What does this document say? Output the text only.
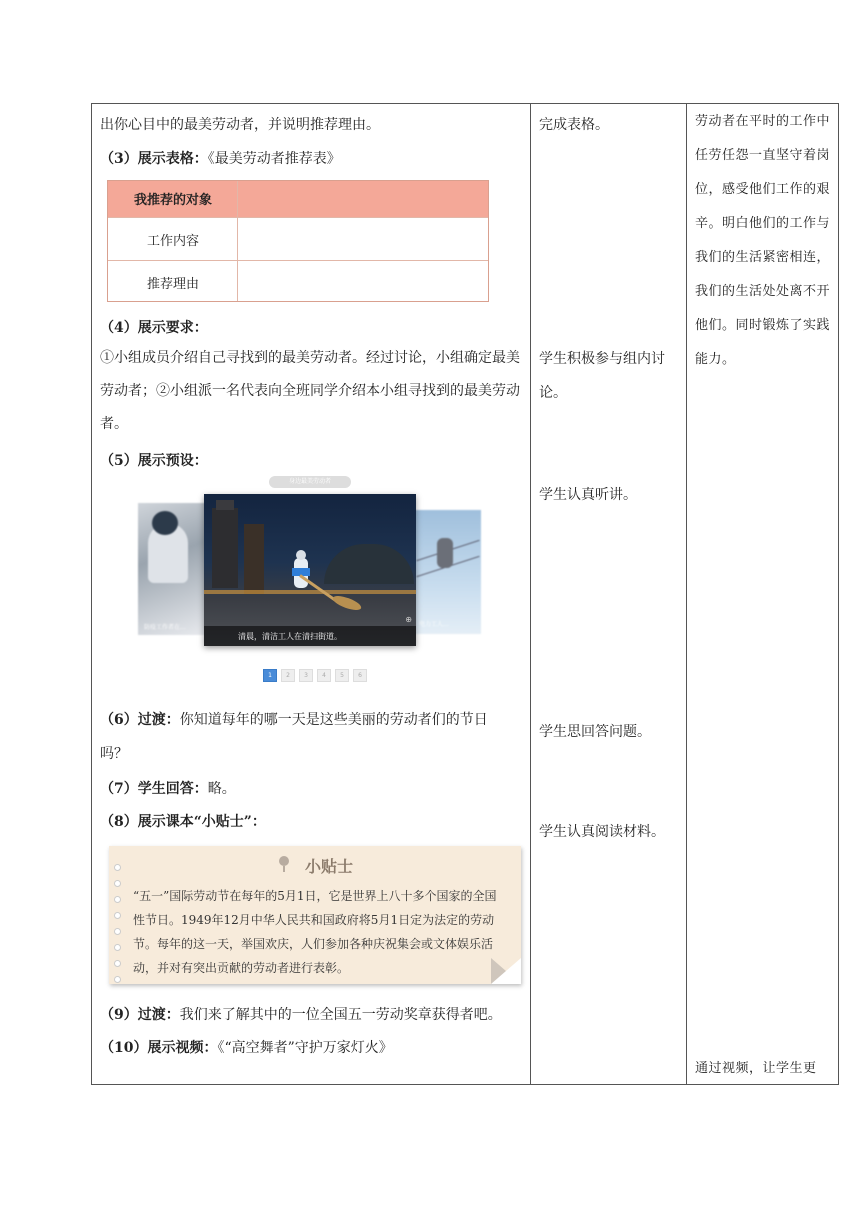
出你心目中的最美劳动者，并说明推荐理由。
（3）展示表格：《最美劳动者推荐表》
我推荐的对象
工作内容
推荐理由
（4）展示要求：
①小组成员介绍自己寻找到的最美劳动者。经过讨论，小组确定最美劳动者；②小组派一名代表向全班同学介绍本小组寻找到的最美劳动者。
（5）展示预设：
防疫工作者在...	电力工人...
身边最美劳动者
清晨，清洁工人在清扫街道。
⊕
1	2	3	4	5	6
（6）过渡：你知道每年的哪一天是这些美丽的劳动者们的节日
吗？
（7）学生回答：略。
（8）展示课本“小贴士”：
小贴士
“五一”国际劳动节在每年的5月1日，它是世界上八十多个国家的全国性节日。1949年12月中华人民共和国政府将5月1日定为法定的劳动节。每年的这一天，举国欢庆，人们参加各种庆祝集会或文体娱乐活动，并对有突出贡献的劳动者进行表彰。
（9）过渡：我们来了解其中的一位全国五一劳动奖章获得者吧。
（10）展示视频：《“高空舞者”守护万家灯火》
完成表格。
学生积极参与组内讨
论。
学生认真听讲。
学生思回答问题。
学生认真阅读材料。
劳动者在平时的工作中任劳任怨一直坚守着岗位，感受他们工作的艰辛。明白他们的工作与我们的生活紧密相连，我们的生活处处离不开他们。同时锻炼了实践能力。
通过视频，让学生更
